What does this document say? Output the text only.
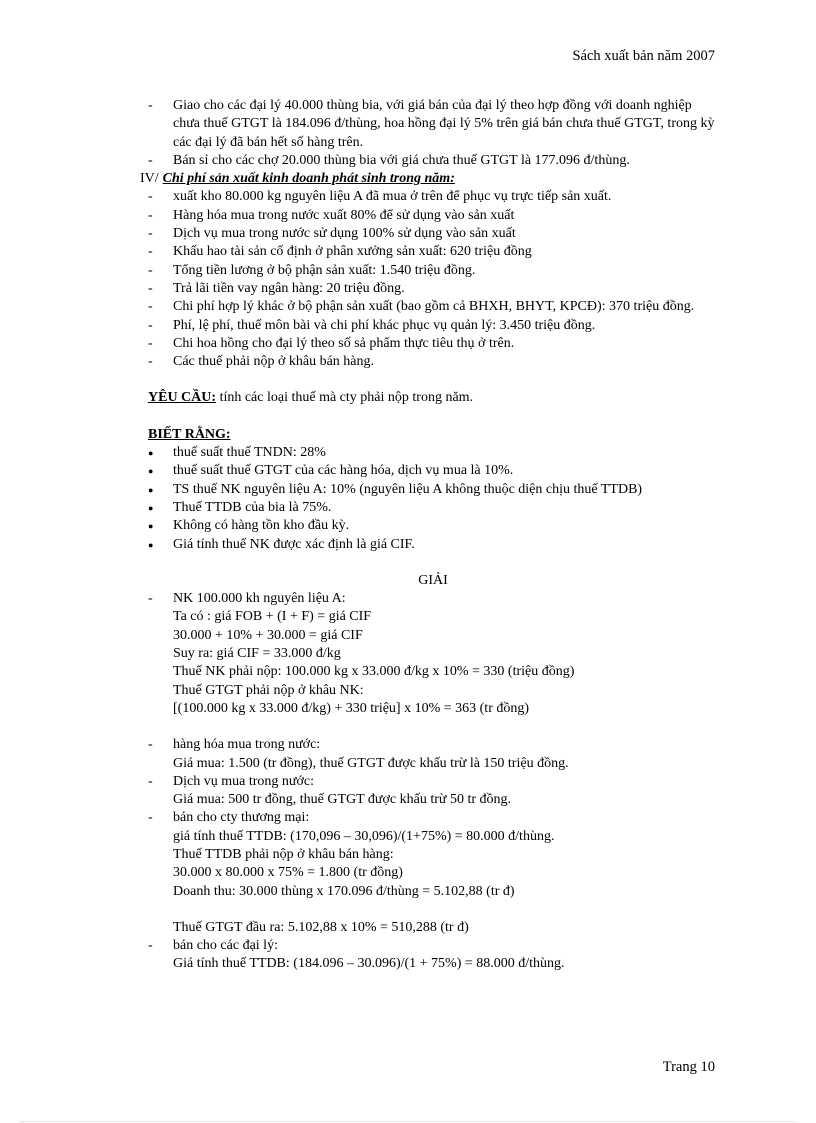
Sách xuất bản năm 2007
- Giao cho các đại lý 40.000 thùng bia, với giá bán của đại lý theo hợp đồng với doanh nghiệp chưa thuế GTGT là 184.096 đ/thùng, hoa hồng đại lý 5% trên giá bán chưa thuế GTGT, trong kỳ các đại lý đã bán hết số hàng trên.
- Bán sỉ cho các chợ 20.000 thùng bia với giá chưa thuế GTGT là 177.096 đ/thùng.
IV/ Chi phí sản xuất kinh doanh phát sinh trong năm:
- xuất kho 80.000 kg nguyên liệu A đã mua ở trên để phục vụ trực tiếp sản xuất.
- Hàng hóa mua trong nước xuất 80% để sử dụng vào sản xuất
- Dịch vụ mua trong nước sử dụng 100% sử dụng vào sản xuất
- Khấu hao tài sản cố định ở phân xưởng sản xuất: 620 triệu đồng
- Tổng tiền lương ở bộ phận sản xuất: 1.540 triệu đồng.
- Trả lãi tiền vay ngân hàng: 20 triệu đồng.
- Chi phí hợp lý khác ở bộ phận sản xuất (bao gồm cả BHXH, BHYT, KPCĐ): 370 triệu đồng.
- Phí, lệ phí, thuế môn bài và chi phí khác phục vụ quản lý: 3.450 triệu đồng.
- Chi hoa hồng cho đại lý theo số sả phẩm thực tiêu thụ ở trên.
- Các thuế phải nộp ở khâu bán hàng.
YÊU CẦU: tính các loại thuế mà cty phải nộp trong năm.
BIẾT RẰNG:
● thuế suất thuế TNDN: 28%
● thuế suất thuế GTGT của các hàng hóa, dịch vụ mua là 10%.
● TS thuế NK nguyên liệu A: 10% (nguyên liệu A không thuộc diện chịu thuế TTDB)
● Thuế TTDB của bia là 75%.
● Không có hàng tồn kho đầu kỳ.
● Giá tính thuế NK được xác định là giá CIF.
GIẢI
- NK 100.000 kh nguyên liệu A:
Ta có : giá FOB + (I + F) = giá CIF
30.000 + 10% + 30.000 = giá CIF
Suy ra: giá CIF = 33.000 đ/kg
Thuế NK phải nộp: 100.000 kg x 33.000 đ/kg x 10% = 330 (triệu đồng)
Thuế GTGT phải nộp ở khâu NK:
[(100.000 kg x 33.000 đ/kg) + 330 triệu] x 10% = 363 (tr đồng)
- hàng hóa mua trong nước:
Giá mua: 1.500 (tr đồng), thuế GTGT được khấu trừ là 150 triệu đồng.
- Dịch vụ mua trong nước:
Giá mua: 500 tr đồng, thuế GTGT được khấu trừ 50 tr đồng.
- bán cho cty thương mại:
giá tính thuế TTDB: (170,096 – 30,096)/(1+75%) = 80.000 đ/thùng.
Thuế TTDB phải nộp ở khâu bán hàng:
30.000 x 80.000 x 75% = 1.800 (tr đồng)
Doanh thu: 30.000 thùng x 170.096 đ/thùng = 5.102,88 (tr đ)
Thuế GTGT đầu ra: 5.102,88 x 10% = 510,288 (tr đ)
- bán cho các đại lý:
Giá tính thuế TTDB: (184.096 – 30.096)/(1 + 75%) = 88.000 đ/thùng.
Trang 10
